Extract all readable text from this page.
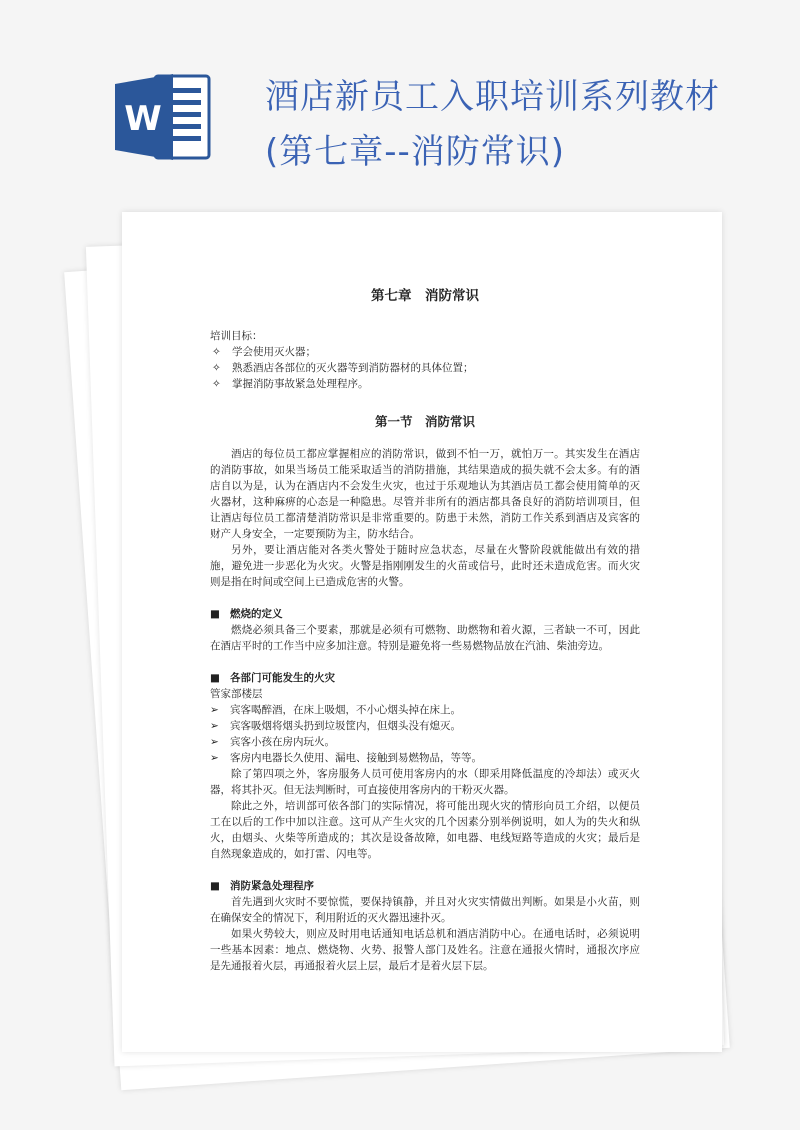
W
酒店新员工入职培训系列教材
(第七章--消防常识)
第七章　消防常识
培训目标：
✧ 学会使用灭火器；
✧ 熟悉酒店各部位的灭火器等到消防器材的具体位置；
✧ 掌握消防事故紧急处理程序。
第一节　消防常识

酒店的每位员工都应掌握相应的消防常识，做到不怕一万，就怕万一。其实发生在酒店的消防事故，如果当场员工能采取适当的消防措施，其结果造成的损失就不会太多。有的酒店自以为是，认为在酒店内不会发生火灾，也过于乐观地认为其酒店员工都会使用简单的灭火器材，这种麻痹的心态是一种隐患。尽管并非所有的酒店都具备良好的消防培训项目，但让酒店每位员工都清楚消防常识是非常重要的。防患于未然，消防工作关系到酒店及宾客的财产人身安全，一定要预防为主，防水结合。

另外，要让酒店能对各类火警处于随时应急状态，尽量在火警阶段就能做出有效的措施，避免进一步恶化为火灾。火警是指刚刚发生的火苗或信号，此时还未造成危害。而火灾则是指在时间或空间上已造成危害的火警。

■ 燃烧的定义

燃烧必须具备三个要素，那就是必须有可燃物、助燃物和着火源，三者缺一不可，因此在酒店平时的工作当中应多加注意。特别是避免将一些易燃物品放在汽油、柴油旁边。

■ 各部门可能发生的火灾
管家部楼层
➢ 宾客喝醉酒，在床上吸烟，不小心烟头掉在床上。
➢ 宾客吸烟将烟头扔到垃圾筐内，但烟头没有熄灭。
➢ 宾客小孩在房内玩火。
➢ 客房内电器长久使用、漏电、接触到易燃物品，等等。

除了第四项之外，客房服务人员可使用客房内的水（即采用降低温度的冷却法）或灭火器，将其扑灭。但无法判断时，可直接使用客房内的干粉灭火器。

除此之外，培训部可依各部门的实际情况，将可能出现火灾的情形向员工介绍，以便员工在以后的工作中加以注意。这可从产生火灾的几个因素分别举例说明，如人为的失火和纵火，由烟头、火柴等所造成的；其次是设备故障，如电器、电线短路等造成的火灾；最后是自然现象造成的，如打雷、闪电等。

■ 消防紧急处理程序

首先遇到火灾时不要惊慌，要保持镇静，并且对火灾实情做出判断。如果是小火苗，则在确保安全的情况下，利用附近的灭火器迅速扑灭。

如果火势较大，则应及时用电话通知电话总机和酒店消防中心。在通电话时，必须说明一些基本因素：地点、燃烧物、火势、报警人部门及姓名。注意在通报火情时，通报次序应是先通报着火层，再通报着火层上层，最后才是着火层下层。
